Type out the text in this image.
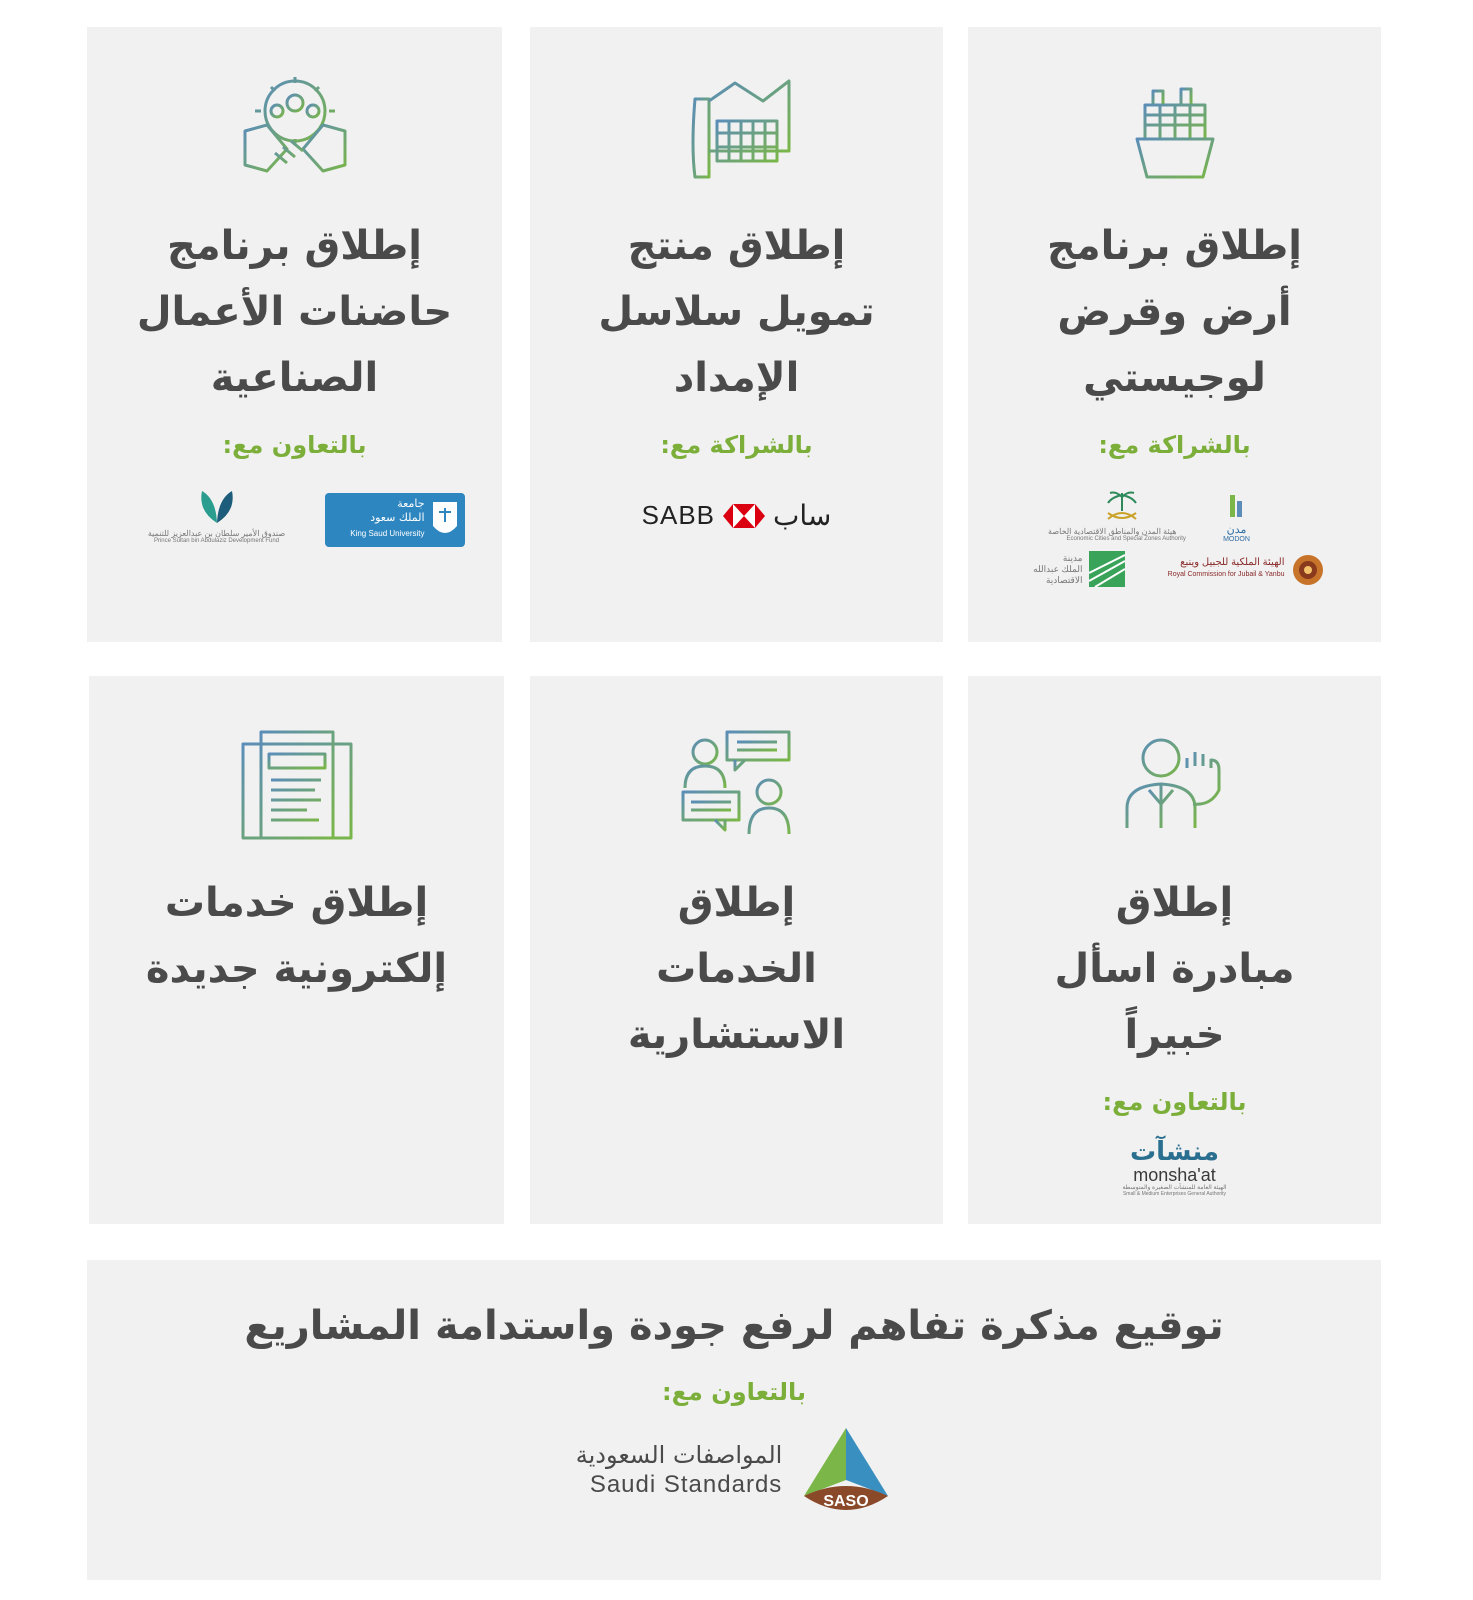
إطلاق برنامج
أرض وقرض
لوجيستي
بالشراكة مع:
مدن
MODON
هيئة المدن والمناطق الاقتصادية الخاصة
Economic Cities and Special Zones Authority
الهيئة الملكية للجبيل وينبع
Royal Commission for Jubail & Yanbu
مدينة
الملك عبدالله
الاقتصادية
إطلاق منتج
تمويل سلاسل
الإمداد
بالشراكة مع:
SABB ساب
إطلاق برنامج
حاضنات الأعمال
الصناعية
بالتعاون مع:
جامعة
الملك سعود
King Saud University
صندوق الأمير سلطان بن عبدالعزيز للتنمية
Prince Sultan bin Abdulaziz Development Fund
إطلاق
مبادرة اسأل
خبيراً
بالتعاون مع:
منشآت
monsha'at
الهيئة العامة للمنشآت الصغيرة والمتوسطة
Small & Medium Enterprises General Authority
إطلاق
الخدمات
الاستشارية
إطلاق خدمات
إلكترونية جديدة
توقيع مذكرة تفاهم لرفع جودة واستدامة المشاريع
بالتعاون مع:
SASO
المواصفات السعودية
Saudi Standards
